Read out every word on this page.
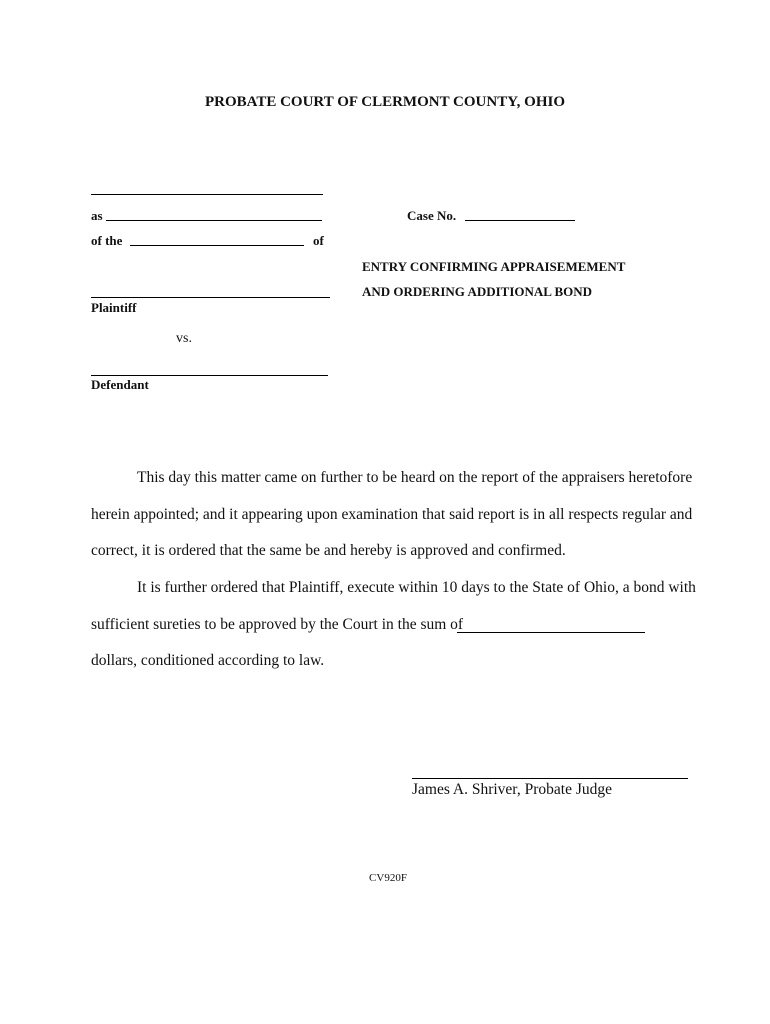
PROBATE COURT OF CLERMONT COUNTY, OHIO
as
of the	of
Plaintiff
vs.
Defendant
Case No.
ENTRY CONFIRMING APPRAISEMEMENT
AND ORDERING ADDITIONAL BOND
This day this matter came on further to be heard on the report of the appraisers heretofore
herein appointed; and it appearing upon examination that said report is in all respects regular and
correct, it is ordered that the same be and hereby is approved and confirmed.
It is further ordered that Plaintiff, execute within 10 days to the State of Ohio, a bond with
sufficient sureties to be approved by the Court in the sum of
dollars, conditioned according to law.
James A. Shriver, Probate Judge
CV920F
